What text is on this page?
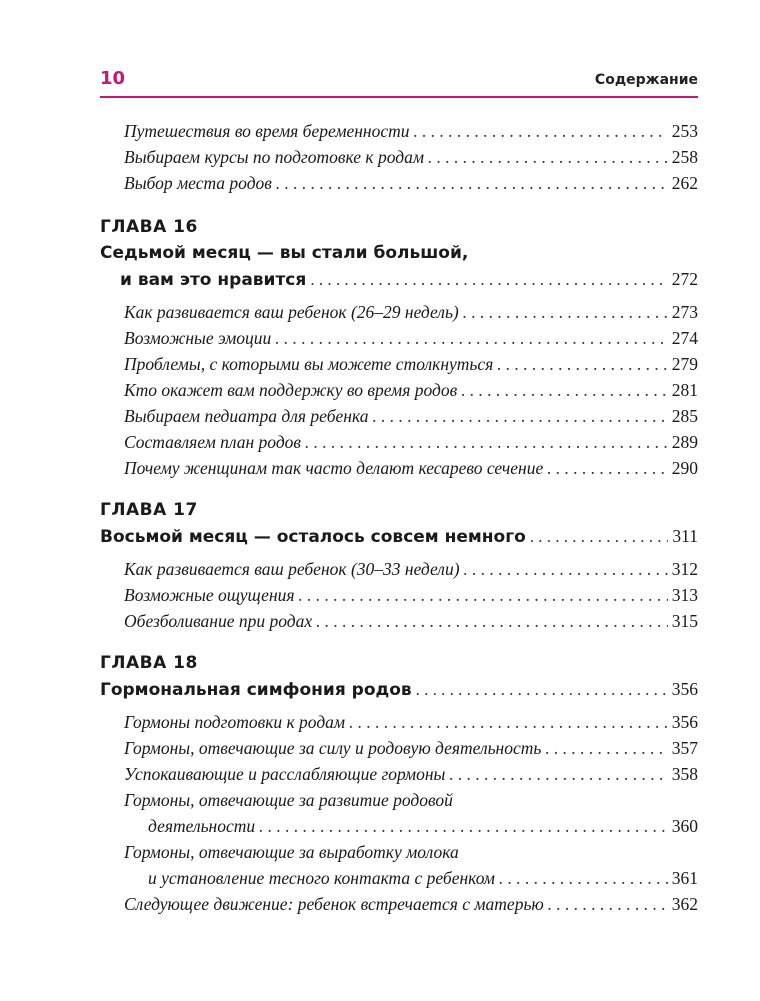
10	Содержание
Путешествия во время беременности . . .	253
Выбираем курсы по подготовке к родам . . .	258
Выбор места родов . . .	262
ГЛАВА 16
Седьмой месяц — вы стали большой,
и вам это нравится . . .	272
Как развивается ваш ребенок (26–29 недель) . . .	273
Возможные эмоции . . .	274
Проблемы, с которыми вы можете столкнуться . . .	279
Кто окажет вам поддержку во время родов . . .	281
Выбираем педиатра для ребенка . . .	285
Составляем план родов . . .	289
Почему женщинам так часто делают кесарево сечение . . .	290
ГЛАВА 17
Восьмой месяц — осталось совсем немного . . .	311
Как развивается ваш ребенок (30–33 недели) . . .	312
Возможные ощущения . . .	313
Обезболивание при родах . . .	315
ГЛАВА 18
Гормональная симфония родов . . .	356
Гормоны подготовки к родам . . .	356
Гормоны, отвечающие за силу и родовую деятельность . . .	357
Успокаивающие и расслабляющие гормоны . . .	358
Гормоны, отвечающие за развитие родовой
деятельности . . .	360
Гормоны, отвечающие за выработку молока
и установление тесного контакта с ребенком . . .	361
Следующее движение: ребенок встречается с матерью . . .	362
